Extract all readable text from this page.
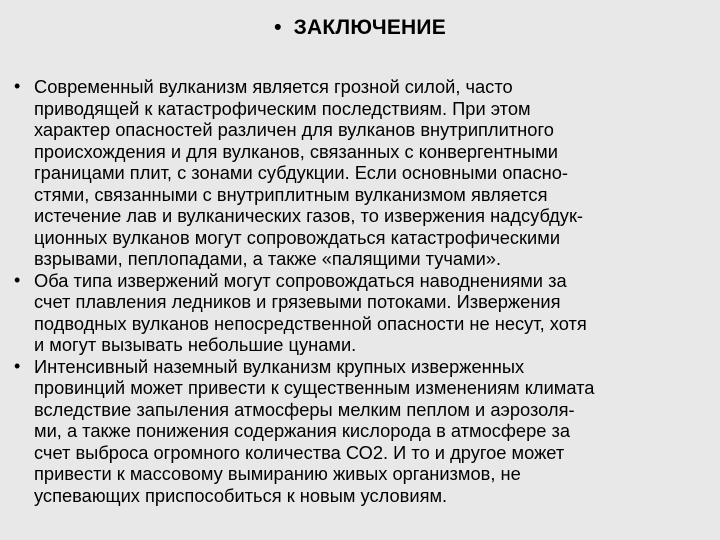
• ЗАКЛЮЧЕНИЕ
• Современный вулканизм является грозной силой, часто
приводящей к катастрофическим последствиям. При этом
характер опасностей различен для вулканов внутриплитного
происхождения и для вулканов, связанных с конвергентными
границами плит, с зонами субдукции. Если основными опасно-
стями, связанными с внутриплитным вулканизмом является
истечение лав и вулканических газов, то извержения надсубдук-
ционных вулканов могут сопровождаться катастрофическими
взрывами, пеплопадами, а также «палящими тучами».
• Оба типа извержений могут сопровождаться наводнениями за
счет плавления ледников и грязевыми потоками. Извержения
подводных вулканов непосредственной опасности не несут, хотя
и могут вызывать небольшие цунами.
• Интенсивный наземный вулканизм крупных изверженных
провинций может привести к существенным изменениям климата
вследствие запыления атмосферы мелким пеплом и аэрозоля-
ми, а также понижения содержания кислорода в атмосфере за
счет выброса огромного количества СО2. И то и другое может
привести к массовому вымиранию живых организмов, не
успевающих приспособиться к новым условиям.
